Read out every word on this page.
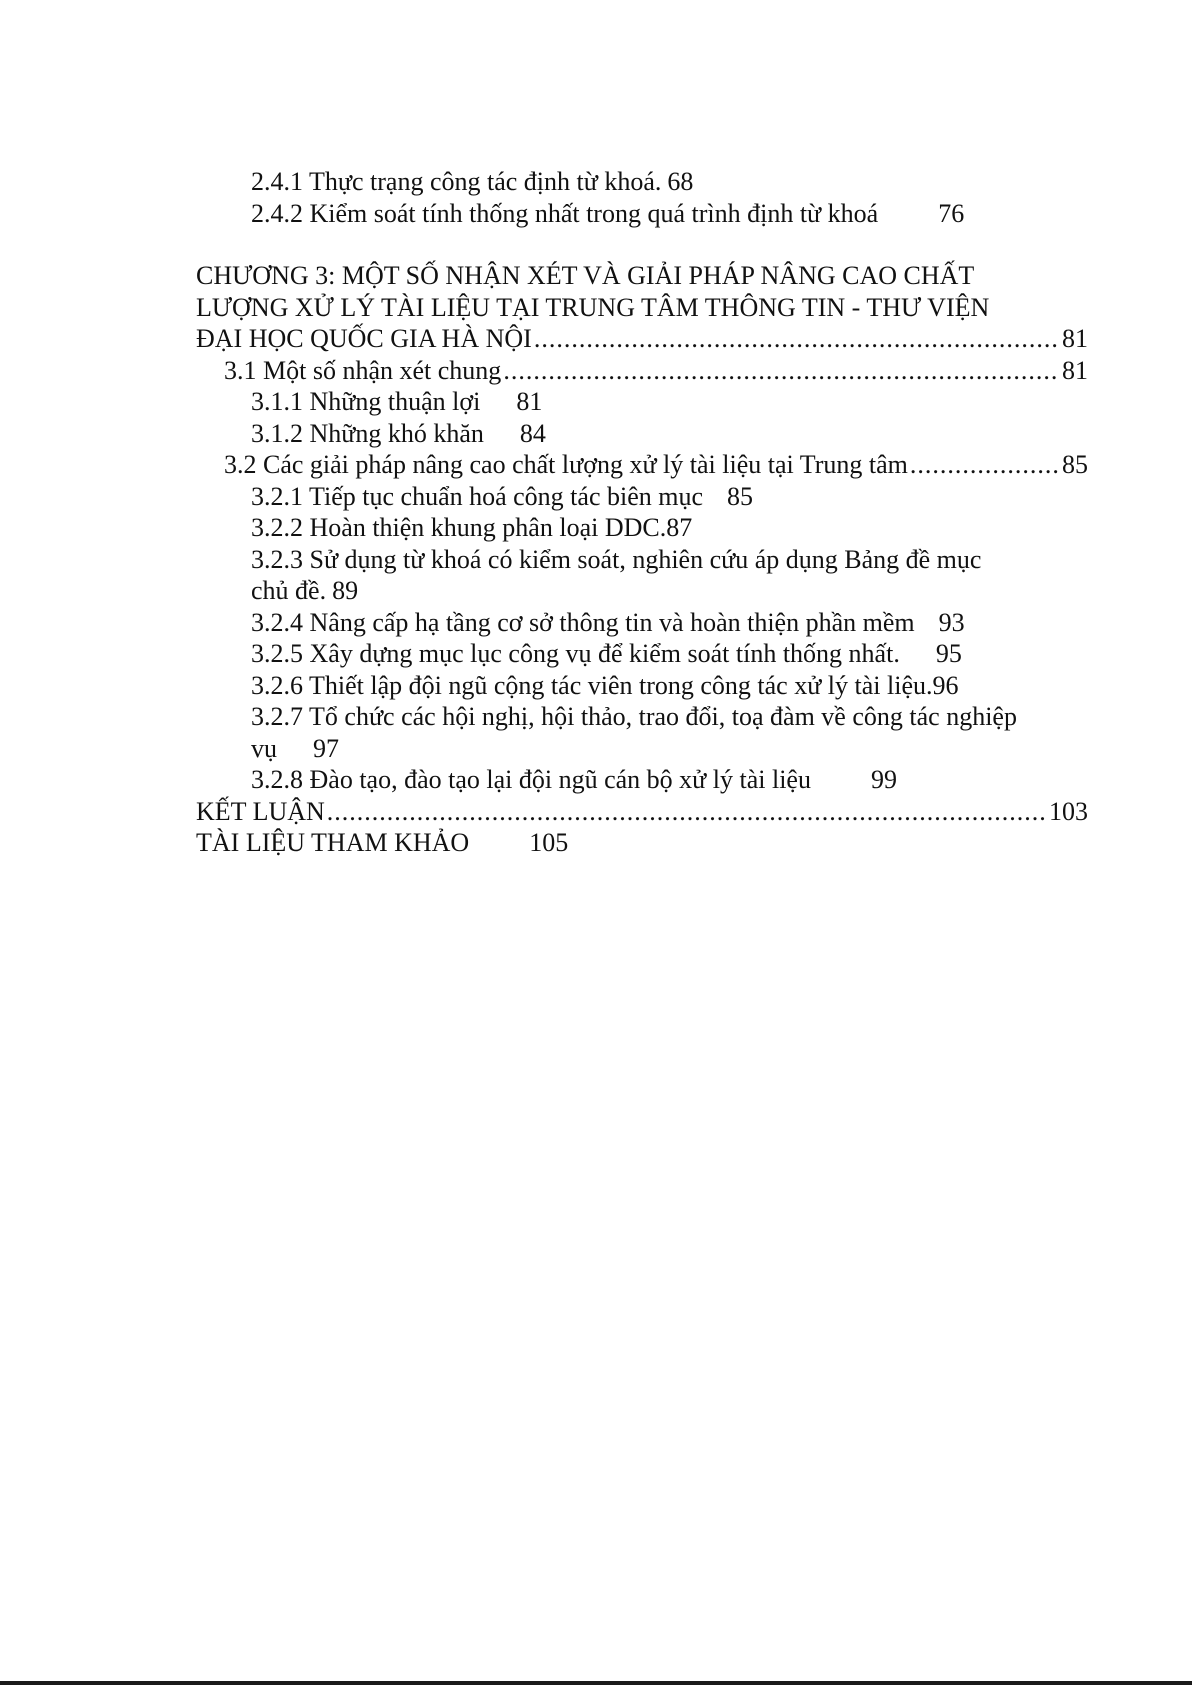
2.4.1 Thực trạng công tác định từ khoá. 68
2.4.2 Kiểm soát tính thống nhất trong quá trình định từ khoá 76
CHƯƠNG 3: MỘT SỐ NHẬN XÉT VÀ GIẢI PHÁP NÂNG CAO CHẤT
LƯỢNG XỬ LÝ TÀI LIỆU TẠI TRUNG TÂM THÔNG TIN - THƯ VIỆN
ĐẠI HỌC QUỐC GIA HÀ NỘI .....	81
3.1 Một số nhận xét chung .....	81
3.1.1 Những thuận lợi 81
3.1.2 Những khó khăn 84
3.2 Các giải pháp nâng cao chất lượng xử lý tài liệu tại Trung tâm .....	85
3.2.1 Tiếp tục chuẩn hoá công tác biên mục 85
3.2.2 Hoàn thiện khung phân loại DDC.87
3.2.3 Sử dụng từ khoá có kiểm soát, nghiên cứu áp dụng Bảng đề mục
chủ đề. 89
3.2.4 Nâng cấp hạ tầng cơ sở thông tin và hoàn thiện phần mềm 93
3.2.5 Xây dựng mục lục công vụ để kiểm soát tính thống nhất. 95
3.2.6 Thiết lập đội ngũ cộng tác viên trong công tác xử lý tài liệu.96
3.2.7 Tổ chức các hội nghị, hội thảo, trao đổi, toạ đàm về công tác nghiệp
vụ 97
3.2.8 Đào tạo, đào tạo lại đội ngũ cán bộ xử lý tài liệu 99
KẾT LUẬN .....	103
TÀI LIỆU THAM KHẢO 105
